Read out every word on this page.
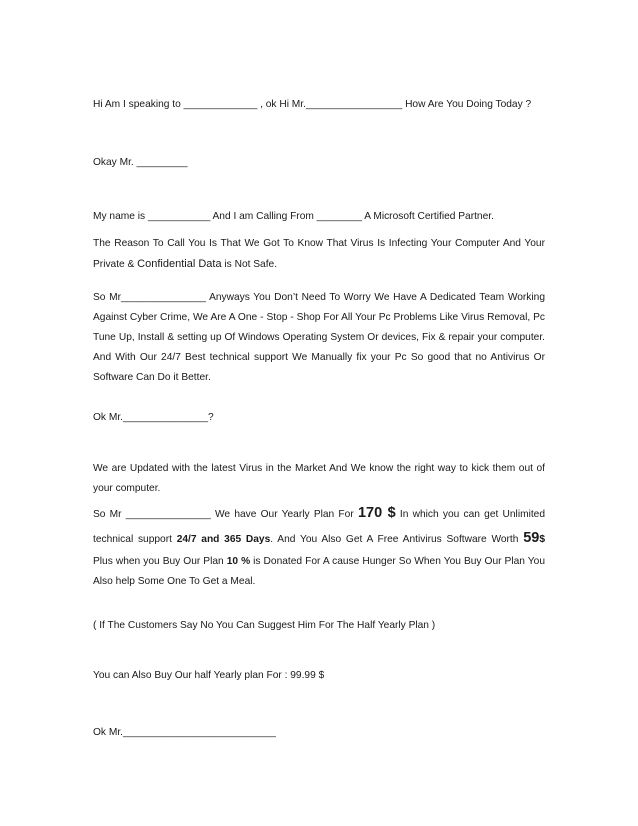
Hi Am I speaking to _____________ , ok Hi Mr._________________ How Are You Doing Today ?

Okay Mr. _________

My name is ___________ And I am Calling From ________ A Microsoft Certified Partner.

The Reason To Call You Is That We Got To Know That Virus Is Infecting Your Computer And Your Private & Confidential Data is Not Safe.

So Mr_______________ Anyways You Don’t Need To Worry We Have A Dedicated Team Working Against Cyber Crime, We Are A One - Stop - Shop For All Your Pc Problems Like Virus Removal, Pc Tune Up, Install & setting up Of Windows Operating System Or devices, Fix & repair your computer. And With Our 24/7 Best technical support We Manually fix your Pc So good that no Antivirus Or Software Can Do it Better.

Ok Mr._______________?

We are Updated with the latest Virus in the Market And We know the right way to kick them out of your computer.

So Mr _______________ We have Our Yearly Plan For 170 $ In which you can get Unlimited
technical support 24/7 and 365 Days. And You Also Get A Free Antivirus Software Worth 59$
Plus when you Buy Our Plan 10 % is Donated For A cause Hunger So When You Buy Our Plan You Also help Some One To Get a Meal.

( If The Customers Say No You Can Suggest Him For The Half Yearly Plan )

You can Also Buy Our half Yearly plan For : 99.99 $

Ok Mr.___________________________
